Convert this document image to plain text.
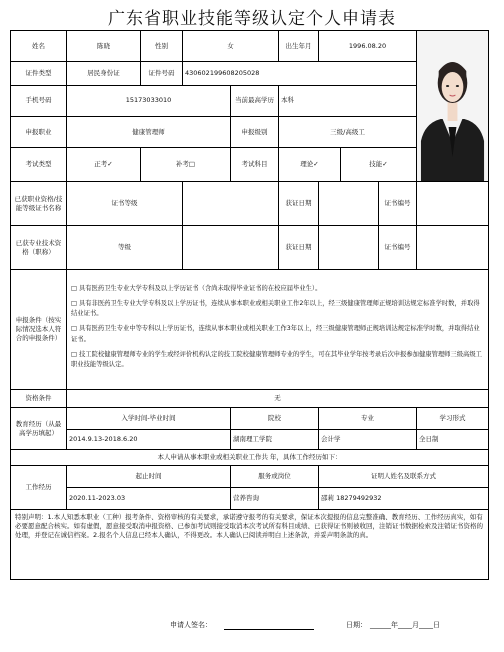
广东省职业技能等级认定个人申请表
姓名	陈晓	性别	女		出生年月	1996.08.20	

证件类型	居民身份证	证件号码	430602199608205028						
手机号码	15173033010			当前最高学历	本科				
申报职业	健康管理师			申报级别	三级/高级工				
考试类型	正考✓	补考□		考试科目	理论✓		技能✓		
已获职业资格/技能等级证书名称	证书等级				获证日期			证书编号	
已获专业技术资格（职称）	等级				获证日期			证书编号	
申报条件（按实际情况选本人符合的申报条件）	□ 具有医药卫生专业大学专科及以上学历证书（含尚未取得毕业证书的在校应届毕业生）。

□ 具有非医药卫生专业大学专科及以上学历证书，连续从事本职业或相关职业工作2年以上，经三级健康管理师正规培训达规定标准学时数，并取得结业证书。

□ 具有医药卫生专业中等专科以上学历证书，连续从事本职业或相关职业工作3年以上，经三级健康管理师正规培训达规定标准学时数，并取得结业证书。

□ 技工院校健康管理师专业的学生或经评价机构认定的技工院校健康管理师专业的学生，可在其毕业学年按考录后次申报参加健康管理师三级高级工职业技能等级认定。								

资格条件	无								
教育经历（从最高学历填起）	入学时间-毕业时间			院校		专业			学习形式
	2014.9.13-2018.6.20			湖南理工学院		会计学			全日制
本人申请从事本职业或相关职业工作共 年，具体工作经历如下：									
工作经历	起止时间			服务或岗位		证明人姓名及联系方式			
	2020.11-2023.03			营养咨询		邵莉 18279492932			
特别声明：1.本人知悉本职业（工种）报考条件、资格审核的有关要求，承诺遵守报考的有关要求，保证本次提报的信息完整准确、教育经历、工作经历真实，如有必要愿意配合核实。如有虚假，愿意接受取消申报资格、已参加考试则接受取消本次考试所有科目成绩、已获得证书则被收回，注销证书数据检索及注销证书资格的处理，并登记在诚信档案。2.报名个人信息已经本人确认，不得更改。本人确认已阅读并明白上述条款，并妥声明条款的真。									
申请人签名：	日期： ______年____月____日
